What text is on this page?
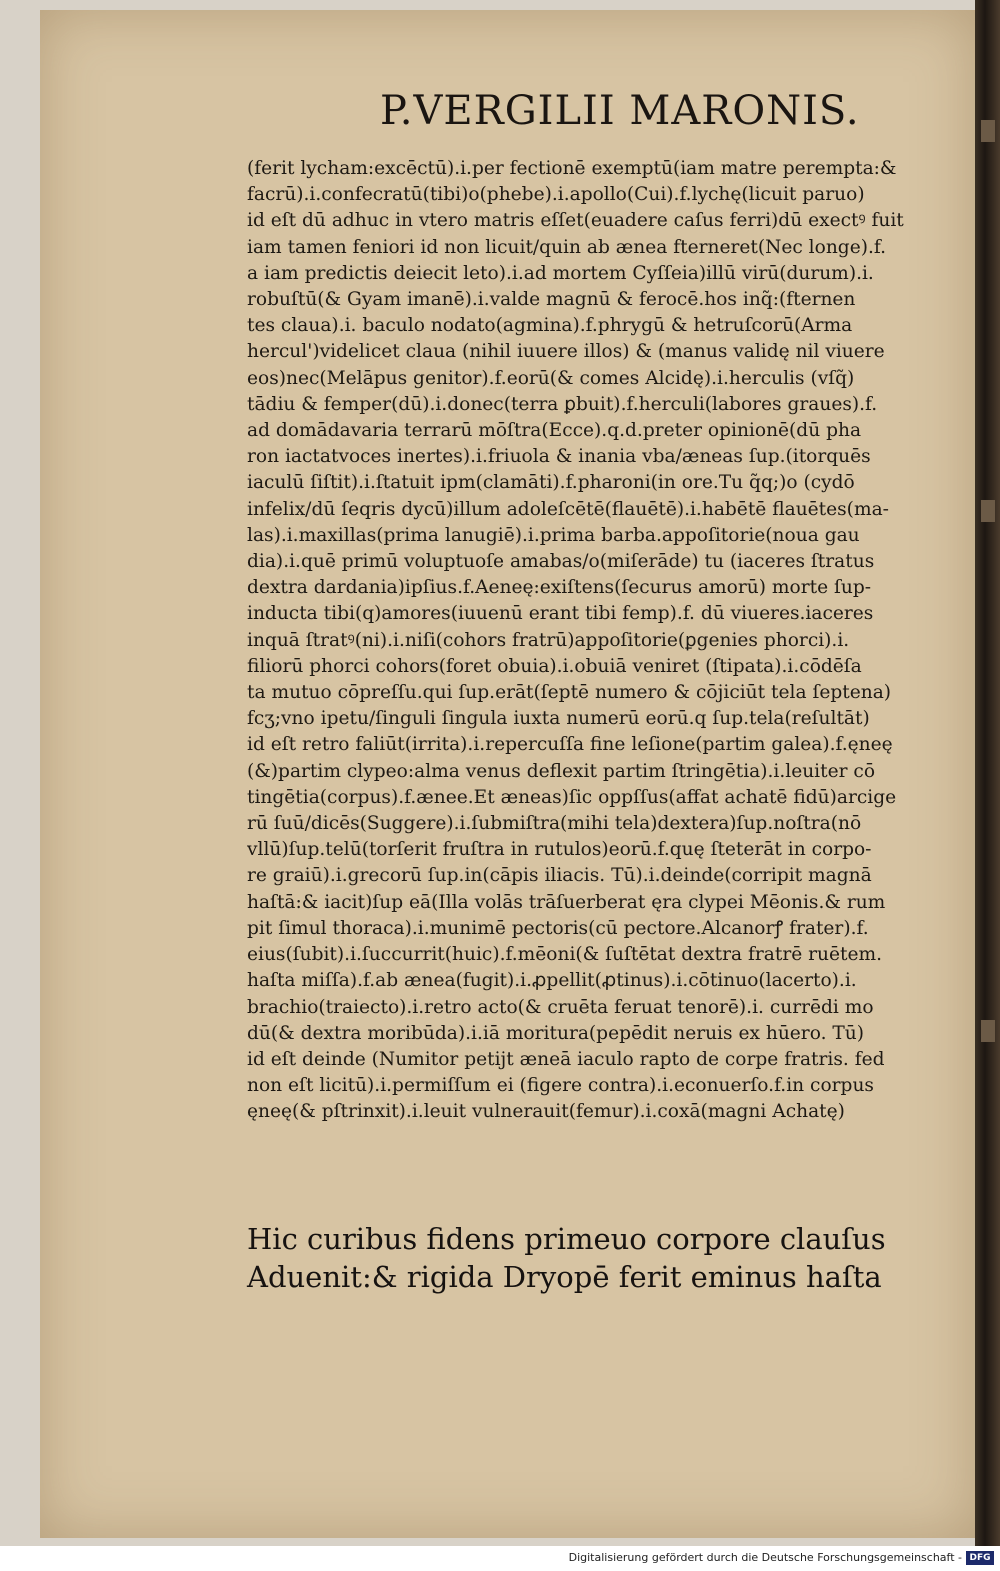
P.VERGILII MARONIS.
(ferit lycham:excēctū).i.per fectionē exemptū(iam matre perempta:&
facrū).i.confecratū(tibi)o(phebe).i.apollo(Cui).f.lychę(licuit paruo)
id eſt dū adhuc in vtero matris eſſet(euadere caſus ferri)dū exectꝰ fuit
iam tamen feniori id non licuit/quin ab ænea fterneret(Nec longe).f.
a iam predictis deiecit leto).i.ad mortem Cyſſeia)illū virū(durum).i.
robuſtū(& Gyam imanē).i.valde magnū & ferocē.hos inq̃:(fternen
tes claua).i. baculo nodato(agmina).f.phrygū & hetruſcorū(Arma
hercul')videlicet claua (nihil iuuere illos) & (manus validę nil viuere
eos)nec(Melāpus genitor).f.eorū(& comes Alcidę).i.herculis (vſq̃)
tādiu & femper(dū).i.donec(terra ꝑbuit).f.herculi(labores graues).f.
ad domādavaria terrarū mōſtra(Ecce).q.d.preter opinionē(dū pha
ron iactatvoces inertes).i.friuola & inania vba/æneas ſup.(itorquēs
iaculū ſiſtit).i.ſtatuit ipm(clamāti).f.pharoni(in ore.Tu q̃q;)o (cydō
infelix/dū ſeqris dycū)illum adoleſcētē(flauētē).i.habētē flauētes(ma-
las).i.maxillas(prima lanugiē).i.prima barba.appoſitorie(noua gau
dia).i.quē primū voluptuoſe amabas/o(miſerāde) tu (iaceres ſtratus
dextra dardania)ipſius.f.Aeneę:exiſtens(ſecurus amorū) morte ſup-
inducta tibi(q)amores(iuuenū erant tibi femp).f. dū viueres.iaceres
inquā ſtratꝰ(ni).i.niſi(cohors fratrū)appoſitorie(ꝑgenies phorci).i.
filiorū phorci cohors(foret obuia).i.obuiā veniret (ſtipata).i.cōdēſa
ta mutuo cōpreſſu.qui ſup.erāt(ſeptē numero & cōjiciūt tela ſeptena)
fcʒ;vno ipetu/ſinguli ſingula iuxta numerū eorū.q ſup.tela(reſultāt)
id eſt retro faliūt(irrita).i.repercuſſa fine leſione(partim galea).f.ęneę
(&)partim clypeo:alma venus deflexit partim ſtringētia).i.leuiter cō
tingētia(corpus).f.ænee.Et æneas)ſic oppſſus(affat achatē fidū)arcige
rū ſuū/dicēs(Suggere).i.ſubmiſtra(mihi tela)dextera)ſup.noſtra(nō
vllū)ſup.telū(torſerit fruſtra in rutulos)eorū.f.quę ſteterāt in corpo-
re graiū).i.grecorū ſup.in(cāpis iliacis. Tū).i.deinde(corripit magnā
haſtā:& iacit)ſup eā(Illa volās trāſuerberat ęra clypei Mēonis.& rum
pit ſimul thoraca).i.munimē pectoris(cū pectore.Alcanorꝭ frater).f.
eius(ſubit).i.ſuccurrit(huic).f.mēoni(& ſuſtētat dextra fratrē ruētem.
haſta miſſa).f.ab ænea(fugit).i.ꝓpellit(ꝓtinus).i.cōtinuo(lacerto).i.
brachio(traiecto).i.retro acto(& cruēta feruat tenorē).i. currēdi mo
dū(& dextra moribūda).i.iā moritura(pepēdit neruis ex hūero. Tū)
id eſt deinde (Numitor petijt æneā iaculo rapto de corpe fratris. fed
non eſt licitū).i.permiſſum ei (figere contra).i.econuerſo.f.in corpus
ęneę(& pſtrinxit).i.leuit vulnerauit(femur).i.coxā(magni Achatę)
Hic curibus fidens primeuo corpore clauſus
Aduenit:& rigida Dryopē ferit eminus haſta
Digitalisierung gefördert durch die Deutsche Forschungsgemeinschaft - DFG
